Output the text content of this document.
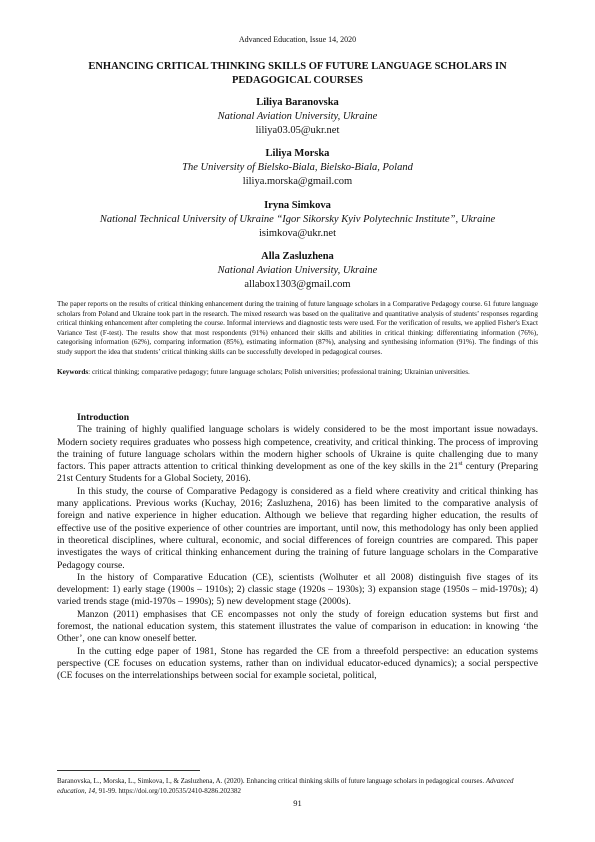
Advanced Education, Issue 14, 2020
ENHANCING CRITICAL THINKING SKILLS OF FUTURE LANGUAGE SCHOLARS IN PEDAGOGICAL COURSES
Liliya Baranovska
National Aviation University, Ukraine
liliya03.05@ukr.net
Liliya Morska
The University of Bielsko-Biala, Bielsko-Biala, Poland
liliya.morska@gmail.com
Iryna Simkova
National Technical University of Ukraine “Igor Sikorsky Kyiv Polytechnic Institute”, Ukraine
isimkova@ukr.net
Alla Zasluzhena
National Aviation University, Ukraine
allabox1303@gmail.com
The paper reports on the results of critical thinking enhancement during the training of future language scholars in a Comparative Pedagogy course. 61 future language scholars from Poland and Ukraine took part in the research. The mixed research was based on the qualitative and quantitative analysis of students’ responses regarding critical thinking enhancement after completing the course. Informal interviews and diagnostic tests were used. For the verification of results, we applied Fisher's Exact Variance Test (F-test). The results show that most respondents (91%) enhanced their skills and abilities in critical thinking: differentiating information (76%), categorising information (62%), comparing information (85%), estimating information (87%), analysing and synthesising information (91%). The findings of this study support the idea that students’ critical thinking skills can be successfully developed in pedagogical courses.
Keywords: critical thinking; comparative pedagogy; future language scholars; Polish universities; professional training; Ukrainian universities.
Introduction

The training of highly qualified language scholars is widely considered to be the most important issue nowadays. Modern society requires graduates who possess high competence, creativity, and critical thinking. The process of improving the training of future language scholars within the modern higher schools of Ukraine is quite challenging due to many factors. This paper attracts attention to critical thinking development as one of the key skills in the 21st century (Preparing 21st Century Students for a Global Society, 2016).

In this study, the course of Comparative Pedagogy is considered as a field where creativity and critical thinking has many applications. Previous works (Kuchay, 2016; Zasluzhena, 2016) has been limited to the comparative analysis of foreign and native experience in higher education. Although we believe that regarding higher education, the results of effective use of the positive experience of other countries are important, until now, this methodology has only been applied in theoretical disciplines, where cultural, economic, and social differences of foreign countries are compared. This paper investigates the ways of critical thinking enhancement during the training of future language scholars in the Comparative Pedagogy course.

In the history of Comparative Education (CE), scientists (Wolhuter et all 2008) distinguish five stages of its development: 1) early stage (1900s – 1910s); 2) classic stage (1920s – 1930s); 3) expansion stage (1950s – mid-1970s); 4) varied trends stage (mid-1970s – 1990s); 5) new development stage (2000s).

Manzon (2011) emphasises that CE encompasses not only the study of foreign education systems but first and foremost, the national education system, this statement illustrates the value of comparison in education: in knowing ‘the Other’, one can know oneself better.

In the cutting edge paper of 1981, Stone has regarded the CE from a threefold perspective: an education systems perspective (CE focuses on education systems, rather than on individual educator-educed dynamics); a social perspective (CE focuses on the interrelationships between social for example societal, political,

Baranovska, L., Morska, L., Simkova, I., & Zasluzhena, A. (2020). Enhancing critical thinking skills of future language scholars in pedagogical courses. Advanced education, 14, 91-99. https://doi.org/10.20535/2410-8286.202382
91
